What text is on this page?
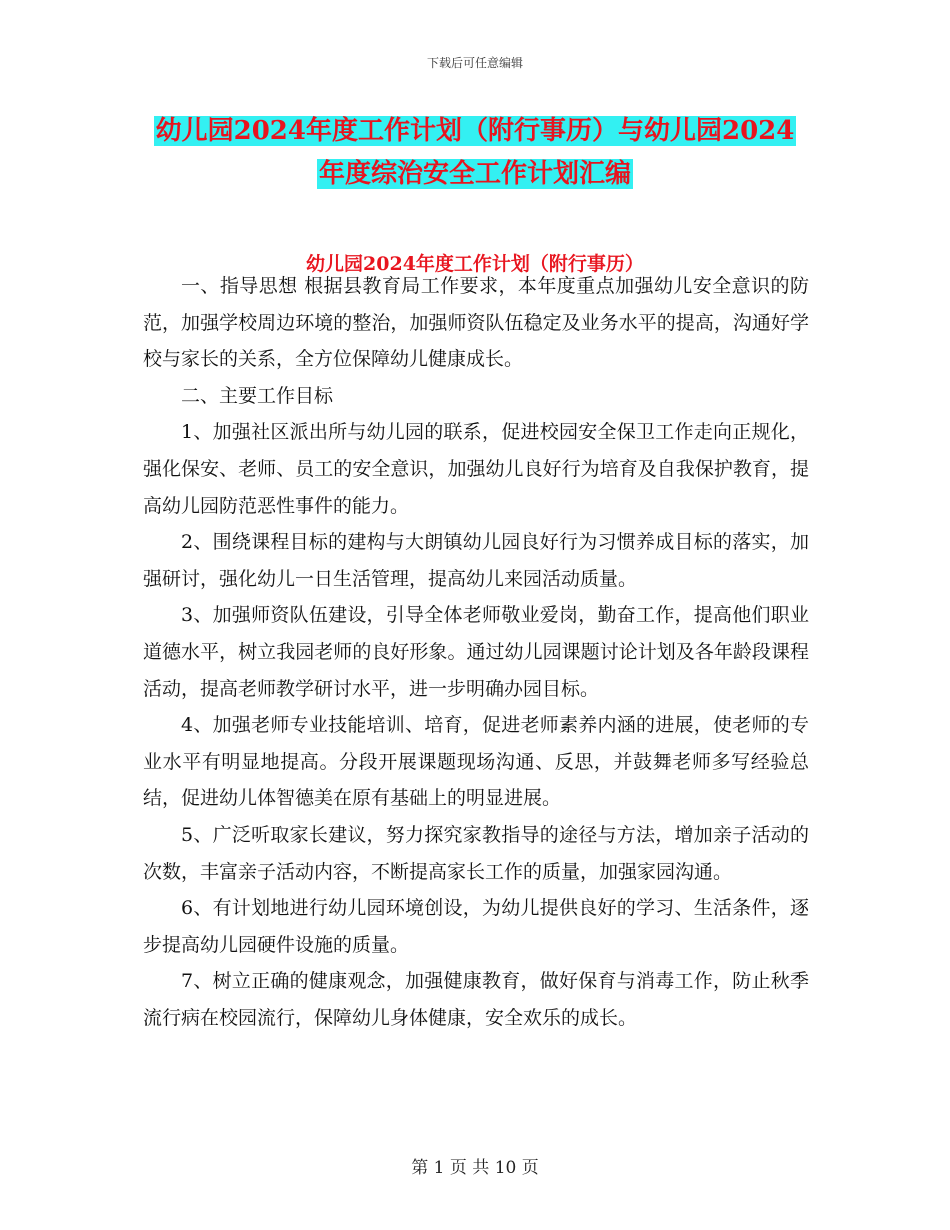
下载后可任意编辑
幼儿园2024年度工作计划（附行事历）与幼儿园2024
年度综治安全工作计划汇编
幼儿园2024年度工作计划（附行事历）

一、指导思想 根据县教育局工作要求，本年度重点加强幼儿安全意识的防范，加强学校周边环境的整治，加强师资队伍稳定及业务水平的提高，沟通好学校与家长的关系，全方位保障幼儿健康成长。

二、主要工作目标

1、加强社区派出所与幼儿园的联系，促进校园安全保卫工作走向正规化，强化保安、老师、员工的安全意识，加强幼儿良好行为培育及自我保护教育，提高幼儿园防范恶性事件的能力。

2、围绕课程目标的建构与大朗镇幼儿园良好行为习惯养成目标的落实，加强研讨，强化幼儿一日生活管理，提高幼儿来园活动质量。

3、加强师资队伍建设，引导全体老师敬业爱岗，勤奋工作，提高他们职业道德水平，树立我园老师的良好形象。通过幼儿园课题讨论计划及各年龄段课程活动，提高老师教学研讨水平，进一步明确办园目标。

4、加强老师专业技能培训、培育，促进老师素养内涵的进展，使老师的专业水平有明显地提高。分段开展课题现场沟通、反思，并鼓舞老师多写经验总结，促进幼儿体智德美在原有基础上的明显进展。

5、广泛听取家长建议，努力探究家教指导的途径与方法，增加亲子活动的次数，丰富亲子活动内容，不断提高家长工作的质量，加强家园沟通。

6、有计划地进行幼儿园环境创设，为幼儿提供良好的学习、生活条件，逐步提高幼儿园硬件设施的质量。

7、树立正确的健康观念，加强健康教育，做好保育与消毒工作，防止秋季流行病在校园流行，保障幼儿身体健康，安全欢乐的成长。

第 1 页 共 10 页
